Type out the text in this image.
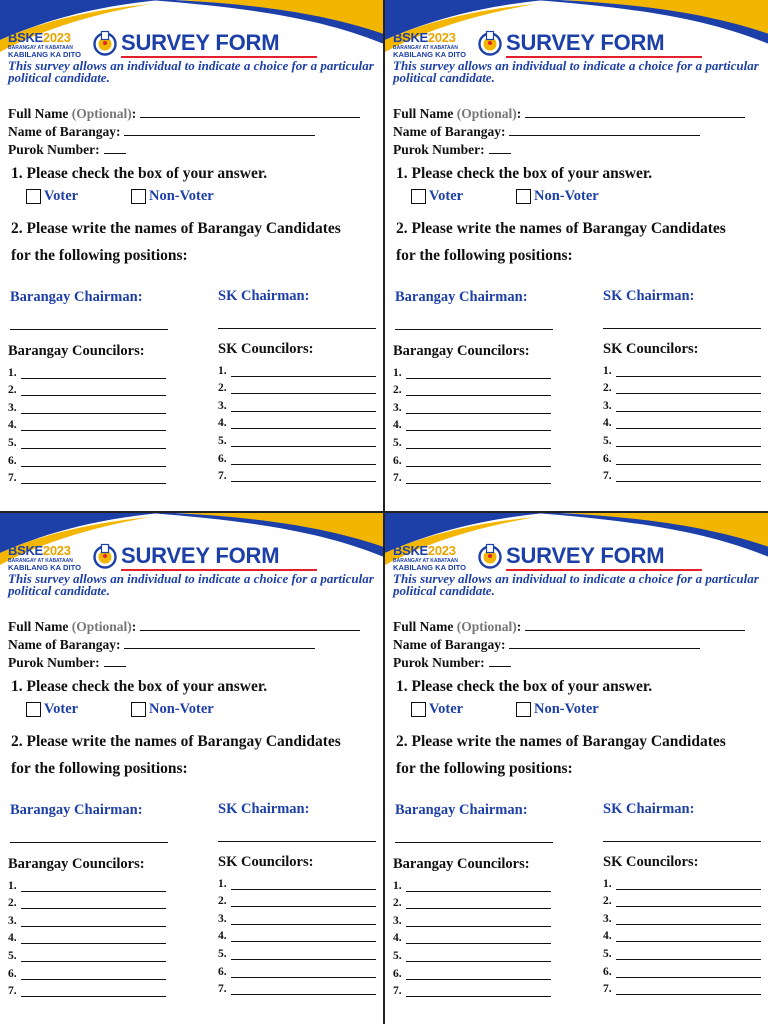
BSKE2023
BARANGAY AT KABATAAN
KABILANG KA DITO	SURVEY FORM
This survey allows an individual to indicate a choice for a particular political candidate.
Full Name (Optional):
Name of Barangay:
Purok Number:
1. Please check the box of your answer.
Voter	Non-Voter
2. Please write the names of Barangay Candidates
for the following positions:
Barangay Chairman:	SK Chairman:
Barangay Councilors:
1.
2.
3.
4.
5.
6.
7.
SK Councilors:
1.
2.
3.
4.
5.
6.
7.
BSKE2023
BARANGAY AT KABATAAN
KABILANG KA DITO	SURVEY FORM
This survey allows an individual to indicate a choice for a particular political candidate.
Full Name (Optional):
Name of Barangay:
Purok Number:
1. Please check the box of your answer.
Voter	Non-Voter
2. Please write the names of Barangay Candidates
for the following positions:
Barangay Chairman:	SK Chairman:
Barangay Councilors:
1.
2.
3.
4.
5.
6.
7.
SK Councilors:
1.
2.
3.
4.
5.
6.
7.
BSKE2023
BARANGAY AT KABATAAN
KABILANG KA DITO	SURVEY FORM
This survey allows an individual to indicate a choice for a particular political candidate.
Full Name (Optional):
Name of Barangay:
Purok Number:
1. Please check the box of your answer.
Voter	Non-Voter
2. Please write the names of Barangay Candidates
for the following positions:
Barangay Chairman:	SK Chairman:
Barangay Councilors:
1.
2.
3.
4.
5.
6.
7.
SK Councilors:
1.
2.
3.
4.
5.
6.
7.
BSKE2023
BARANGAY AT KABATAAN
KABILANG KA DITO	SURVEY FORM
This survey allows an individual to indicate a choice for a particular political candidate.
Full Name (Optional):
Name of Barangay:
Purok Number:
1. Please check the box of your answer.
Voter	Non-Voter
2. Please write the names of Barangay Candidates
for the following positions:
Barangay Chairman:	SK Chairman:
Barangay Councilors:
1.
2.
3.
4.
5.
6.
7.
SK Councilors:
1.
2.
3.
4.
5.
6.
7.
